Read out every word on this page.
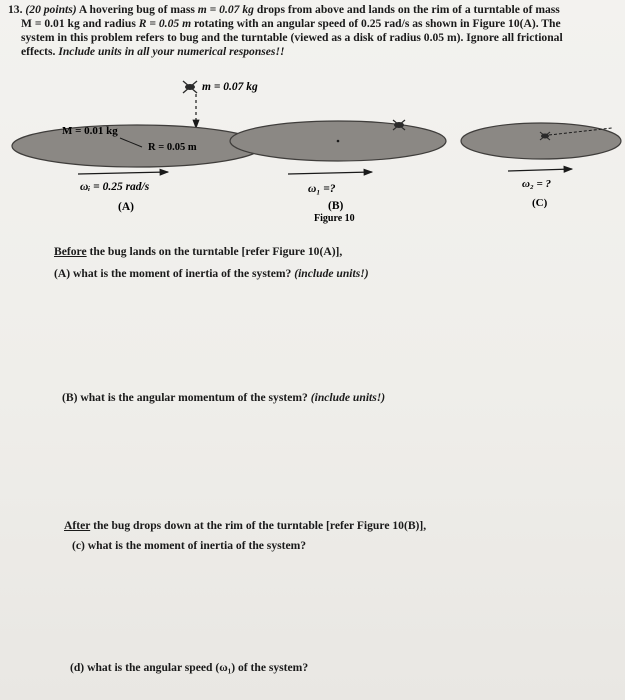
13. (20 points) A hovering bug of mass m = 0.07 kg drops from above and lands on the rim of a turntable of mass
M = 0.01 kg and radius R = 0.05 m rotating with an angular speed of 0.25 rad/s as shown in Figure 10(A). The
system in this problem refers to bug and the turntable (viewed as a disk of radius 0.05 m). Ignore all frictional
effects. Include units in all your numerical responses!!
m = 0.07 kg
M = 0.01 kg
R = 0.05 m
ωᵢ = 0.25 rad/s	ω₁ =?	ω₂ = ?
(A)	(B)	(C)
Figure 10
Before the bug lands on the turntable [refer Figure 10(A)],
(A) what is the moment of inertia of the system? (include units!)
(B) what is the angular momentum of the system? (include units!)
After the bug drops down at the rim of the turntable [refer Figure 10(B)],
(c) what is the moment of inertia of the system?
(d) what is the angular speed (ω₁) of the system?
